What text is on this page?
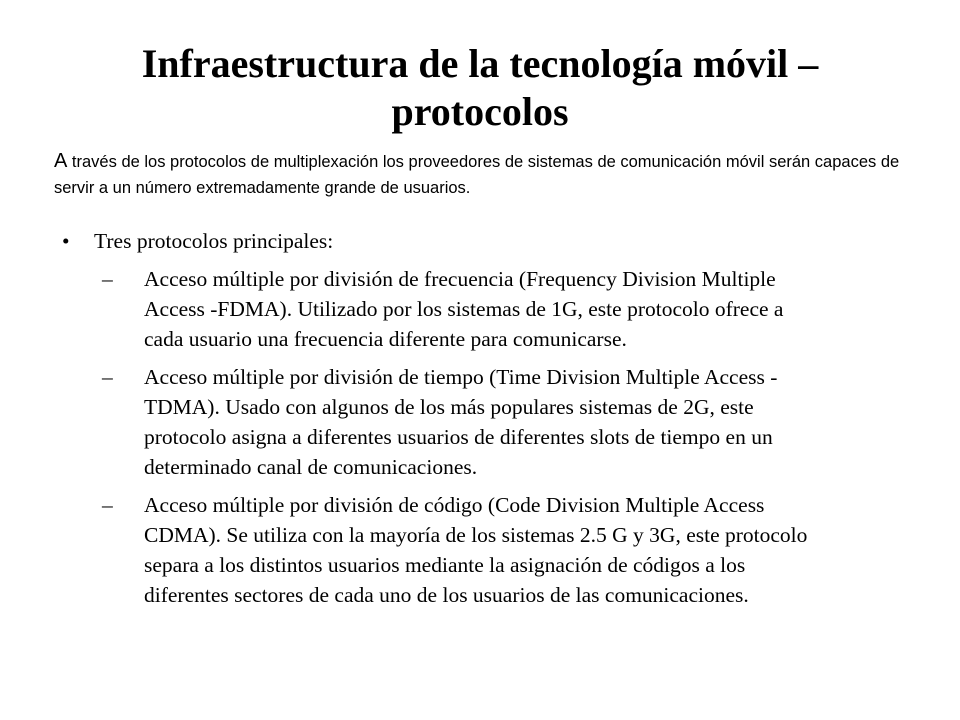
Infraestructura de la tecnología móvil – protocolos
A través de los protocolos de multiplexación los proveedores de sistemas de comunicación móvil serán capaces de servir a un número extremadamente grande de usuarios.
• Tres protocolos principales:
– Acceso múltiple por división de frecuencia (Frequency Division Multiple Access -FDMA). Utilizado por los sistemas de 1G, este protocolo ofrece a cada usuario una frecuencia diferente para comunicarse.
– Acceso múltiple por división de tiempo (Time Division Multiple Access -TDMA). Usado con algunos de los más populares sistemas de 2G, este protocolo asigna a diferentes usuarios de diferentes slots de tiempo en un determinado canal de comunicaciones.
– Acceso múltiple por división de código (Code Division Multiple Access CDMA). Se utiliza con la mayoría de los sistemas 2.5 G y 3G, este protocolo separa a los distintos usuarios mediante la asignación de códigos a los diferentes sectores de cada uno de los usuarios de las comunicaciones.
